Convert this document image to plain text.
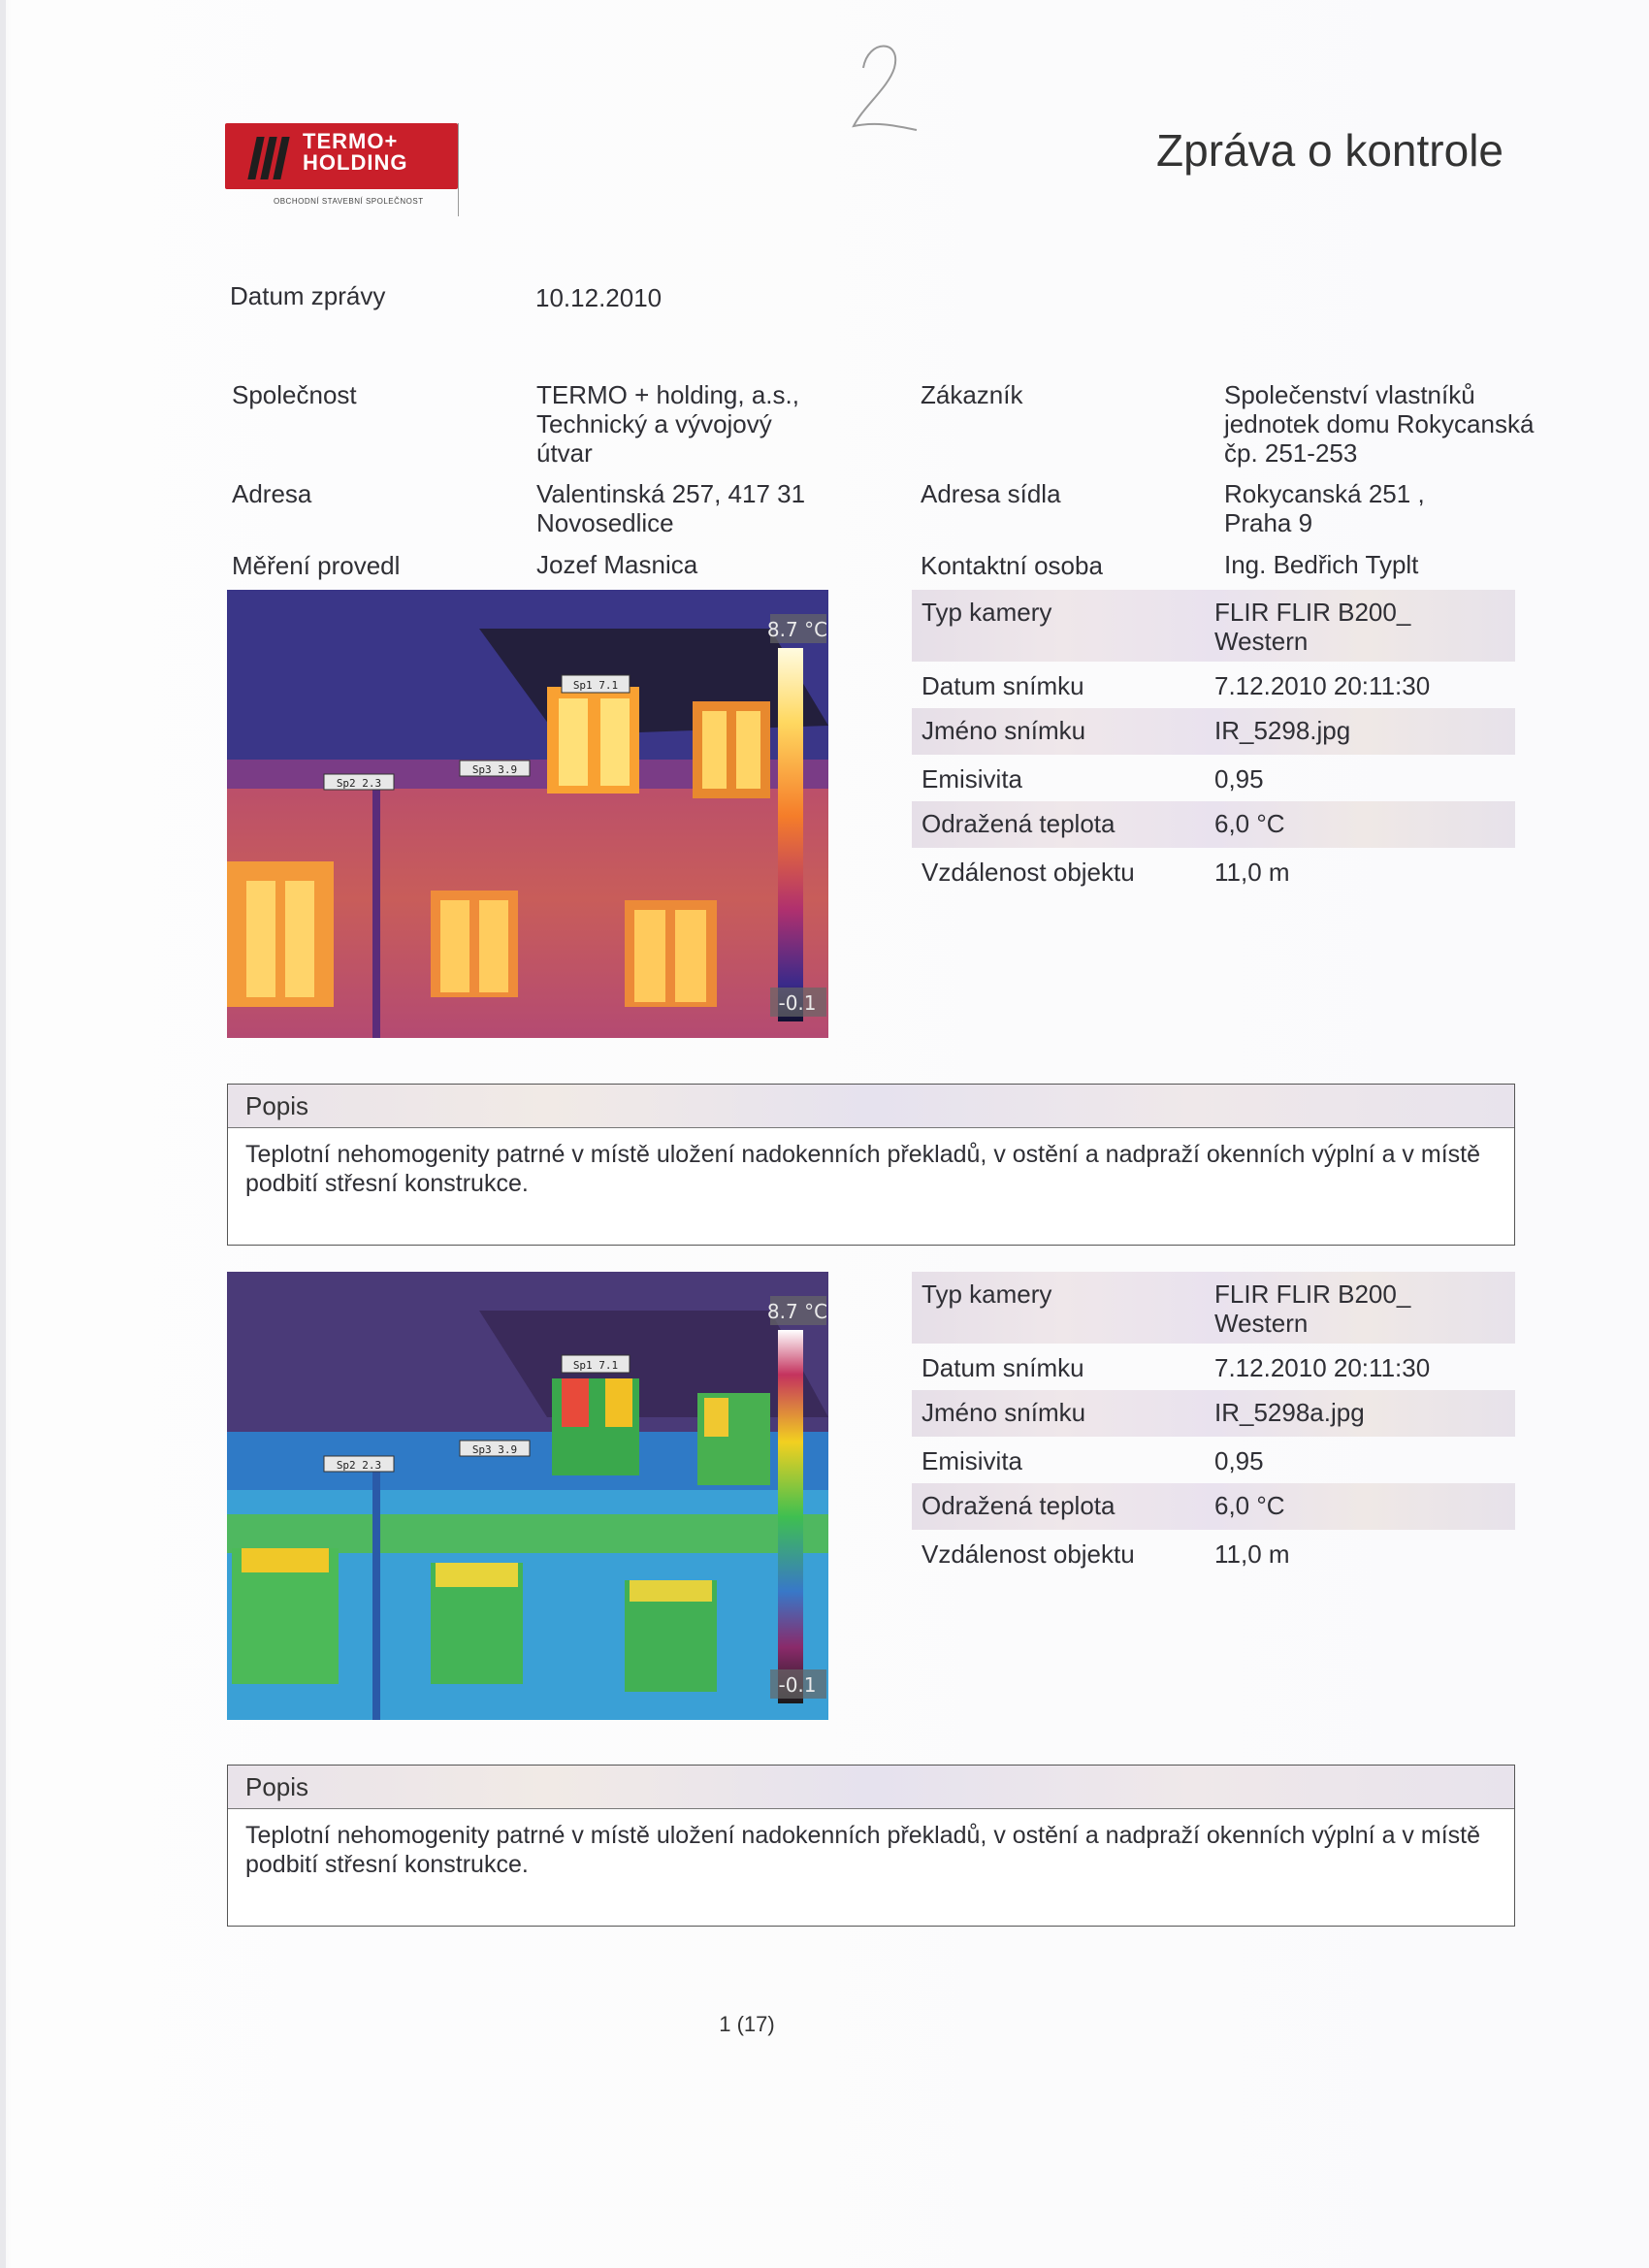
TERMO+
HOLDING
OBCHODNÍ STAVEBNÍ SPOLEČNOST
Zpráva o kontrole
Datum zprávy	10.12.2010
Společnost	TERMO + holding, a.s., Technický a vývojový útvar
Adresa	Valentinská 257, 417 31 Novosedlice
Měření provedl	Jozef Masnica
Zákazník	Společenství vlastníků jednotek domu Rokycanská čp. 251-253
Adresa sídla	Rokycanská 251 , Praha 9
Kontaktní osoba	Ing. Bedřich Typlt
8.7 °C
-0.1
Sp1 7.1
Sp2 2.3
Sp3 3.9
Typ kamery	FLIR FLIR B200_ Western
Datum snímku	7.12.2010 20:11:30
Jméno snímku	IR_5298.jpg
Emisivita	0,95
Odražená teplota	6,0 °C
Vzdálenost objektu	11,0 m
Popis
Teplotní nehomogenity patrné v místě uložení nadokenních překladů, v ostění a nadpraží okenních výplní a v místě podbití střesní konstrukce.
8.7 °C
-0.1
Sp1 7.1
Sp2 2.3
Sp3 3.9
Typ kamery	FLIR FLIR B200_ Western
Datum snímku	7.12.2010 20:11:30
Jméno snímku	IR_5298a.jpg
Emisivita	0,95
Odražená teplota	6,0 °C
Vzdálenost objektu	11,0 m
Popis
Teplotní nehomogenity patrné v místě uložení nadokenních překladů, v ostění a nadpraží okenních výplní a v místě podbití střesní konstrukce.
1 (17)
